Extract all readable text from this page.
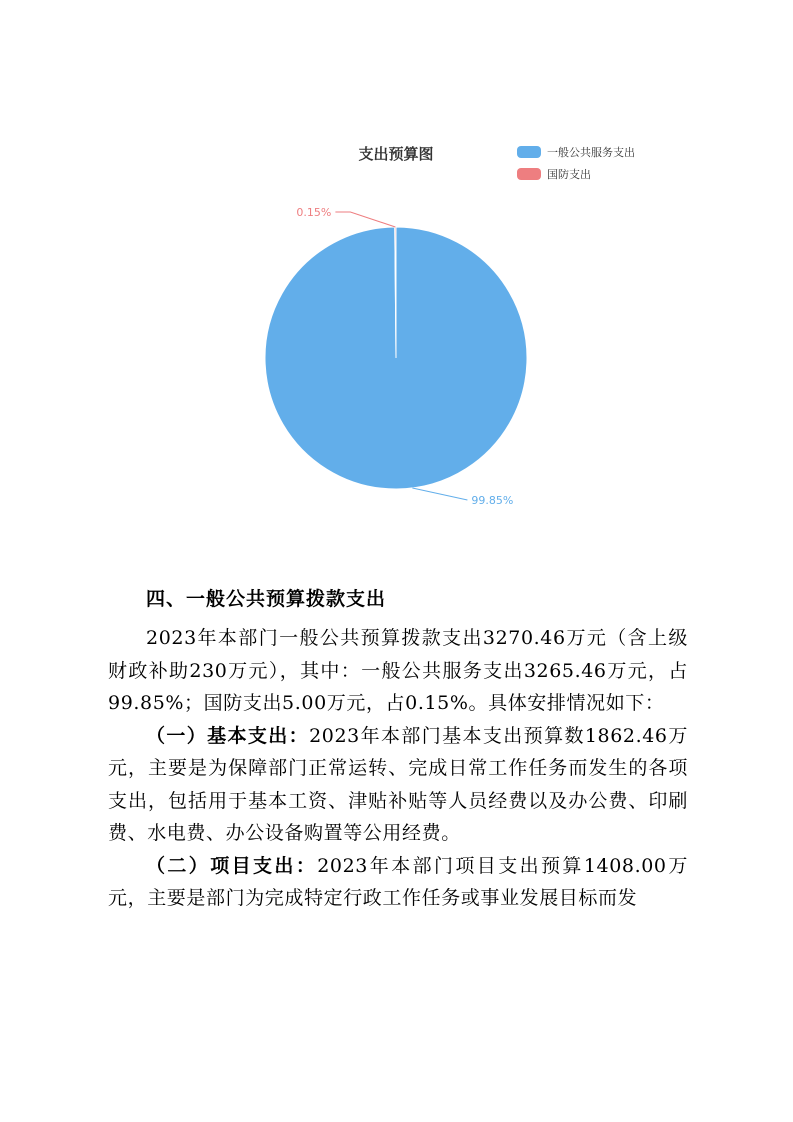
支出预算图	一般公共服务支出
国防支出
99.85%
0.15%
四、一般公共预算拨款支出

2023年本部门一般公共预算拨款支出3270.46万元（含上级财政补助230万元），其中：一般公共服务支出3265.46万元，占99.85%；国防支出5.00万元，占0.15%。具体安排情况如下：

（一）基本支出：2023年本部门基本支出预算数1862.46万元，主要是为保障部门正常运转、完成日常工作任务而发生的各项支出，包括用于基本工资、津贴补贴等人员经费以及办公费、印刷费、水电费、办公设备购置等公用经费。

（二）项目支出：2023年本部门项目支出预算1408.00万元，主要是部门为完成特定行政工作任务或事业发展目标而发
